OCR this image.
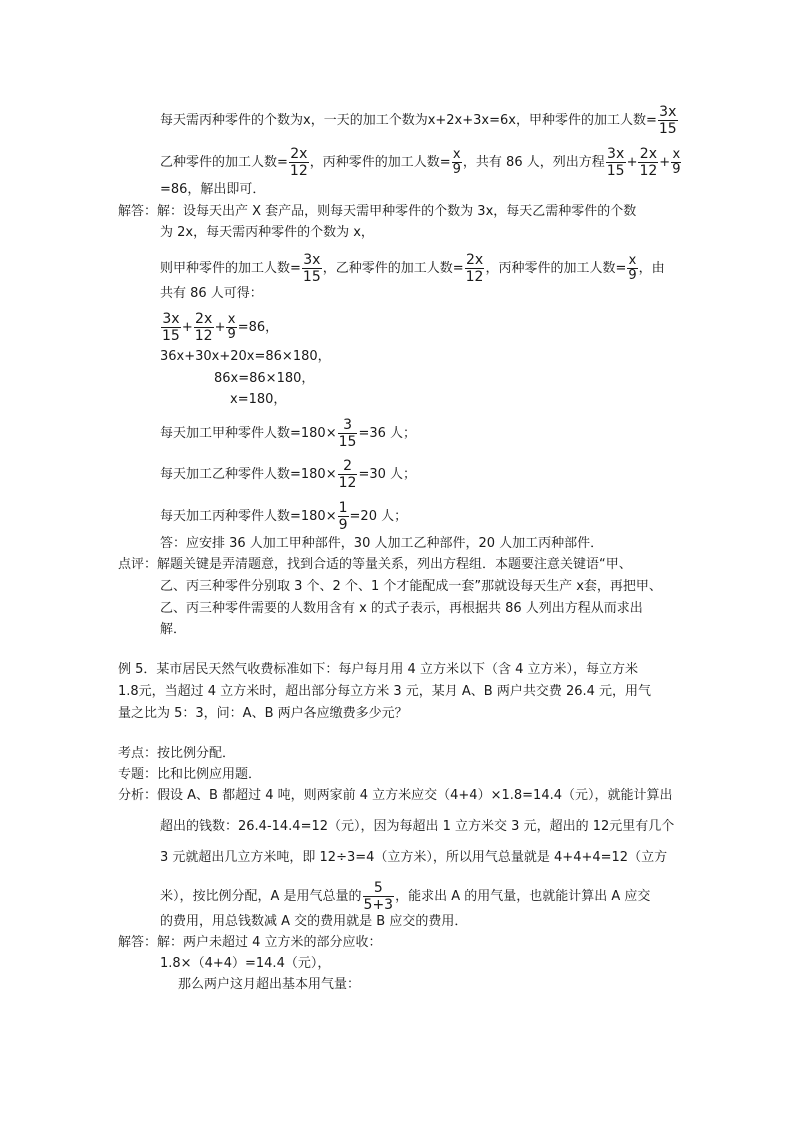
每天需丙种零件的个数为x，一天的加工个数为x+2x+3x=6x，甲种零件的加工人数= $\frac{3x}{15}$
乙种零件的加工人数= $\frac{2x}{12}$ ，丙种零件的加工人数= $\frac{x}{9}$ ，共有 86 人，列出方程 $\frac{3x}{15} + \frac{2x}{12} + \frac{x}{9}$
=86，解出即可．
解答：解：设每天出产 X 套产品，则每天需甲种零件的个数为 3x，每天乙需种零件的个数
为 2x，每天需丙种零件的个数为 x，
则甲种零件的加工人数= $\frac{3x}{15}$ ，乙种零件的加工人数= $\frac{2x}{12}$ ，丙种零件的加工人数= $\frac{x}{9}$ ，由
共有 86 人可得：
$\frac{3x}{15} + \frac{2x}{12} + \frac{x}{9} =86$，
36x+30x+20x=86×180，
86x=86×180，
x=180，
每天加工甲种零件人数$=180\times \frac{3}{15} =36$ 人；
每天加工乙种零件人数$=180\times \frac{2}{12} =30$ 人；
每天加工丙种零件人数$=180\times \frac{1}{9} =20$ 人；
答：应安排 36 人加工甲种部件，30 人加工乙种部件，20 人加工丙种部件．
点评：解题关键是弄清题意，找到合适的等量关系，列出方程组．本题要注意关键语“甲、
乙、丙三种零件分别取 3 个、2 个、1 个才能配成一套”那就设每天生产 x套，再把甲、
乙、丙三种零件需要的人数用含有 x 的式子表示，再根据共 86 人列出方程从而求出
解．
例 5．某市居民天然气收费标准如下：每户每月用 4 立方米以下（含 4 立方米），每立方米
1.8元，当超过 4 立方米时，超出部分每立方米 3 元，某月 A、B 两户共交费 26.4 元，用气
量之比为 5：3，问：A、B 两户各应缴费多少元？
考点：按比例分配．
专题：比和比例应用题．
分析：假设 A、B 都超过 4 吨，则两家前 4 立方米应交（4+4）×1.8=14.4（元），就能计算出
超出的钱数：26.4-14.4=12（元），因为每超出 1 立方米交 3 元，超出的 12元里有几个
3 元就超出几立方米吨，即 12÷3=4（立方米），所以用气总量就是 4+4+4=12（立方
米），按比例分配，A 是用气总量的 $\frac{5}{5+3}$ ，能求出 A 的用气量，也就能计算出 A 应交
的费用，用总钱数减 A 交的费用就是 B 应交的费用．
解答：解：两户未超过 4 立方米的部分应收：
1.8×（4+4）=14.4（元），
那么两户这月超出基本用气量：
